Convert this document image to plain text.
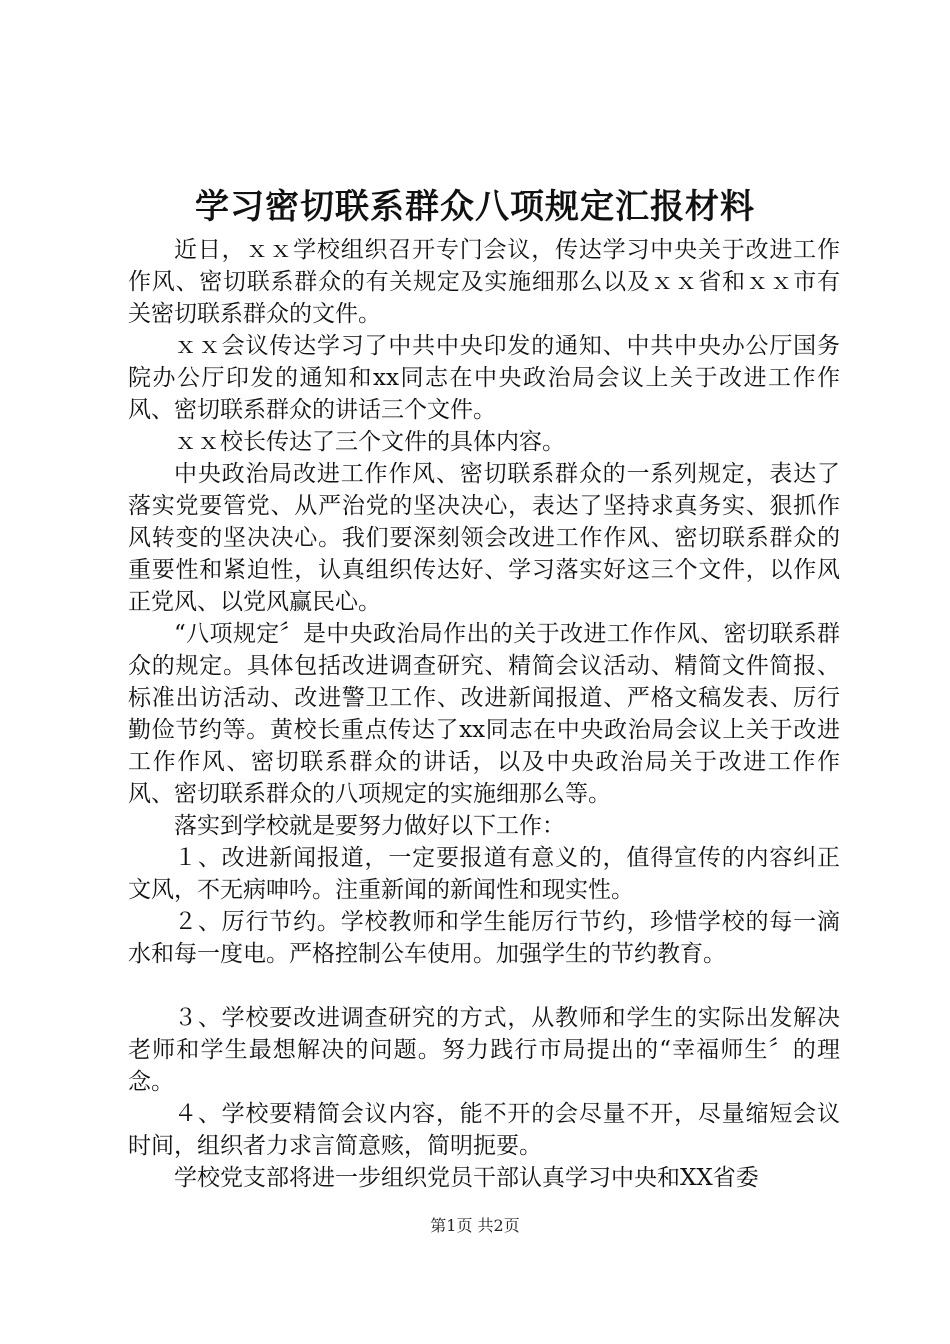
学习密切联系群众八项规定汇报材料

近日，ｘｘ学校组织召开专门会议，传达学习中央关于改进工作作风、密切联系群众的有关规定及实施细那么以及ｘｘ省和ｘｘ市有关密切联系群众的文件。

ｘｘ会议传达学习了中共中央印发的通知、中共中央办公厅国务院办公厅印发的通知和xx同志在中央政治局会议上关于改进工作作风、密切联系群众的讲话三个文件。

ｘｘ校长传达了三个文件的具体内容。

中央政治局改进工作作风、密切联系群众的一系列规定，表达了落实党要管党、从严治党的坚决决心，表达了坚持求真务实、狠抓作风转变的坚决决心。我们要深刻领会改进工作作风、密切联系群众的重要性和紧迫性，认真组织传达好、学习落实好这三个文件，以作风正党风、以党风赢民心。

“八项规定〞是中央政治局作出的关于改进工作作风、密切联系群众的规定。具体包括改进调查研究、精简会议活动、精简文件简报、标准出访活动、改进警卫工作、改进新闻报道、严格文稿发表、厉行勤俭节约等。黄校长重点传达了xx同志在中央政治局会议上关于改进工作作风、密切联系群众的讲话，以及中央政治局关于改进工作作风、密切联系群众的八项规定的实施细那么等。

落实到学校就是要努力做好以下工作：

１、改进新闻报道，一定要报道有意义的，值得宣传的内容纠正文风，不无病呻吟。注重新闻的新闻性和现实性。

２、厉行节约。学校教师和学生能厉行节约，珍惜学校的每一滴水和每一度电。严格控制公车使用。加强学生的节约教育。

３、学校要改进调查研究的方式，从教师和学生的实际出发解决老师和学生最想解决的问题。努力践行市局提出的“幸福师生〞的理念。

４、学校要精简会议内容，能不开的会尽量不开，尽量缩短会议时间，组织者力求言简意赅，简明扼要。

学校党支部将进一步组织党员干部认真学习中央和XX省委

第1页 共2页
